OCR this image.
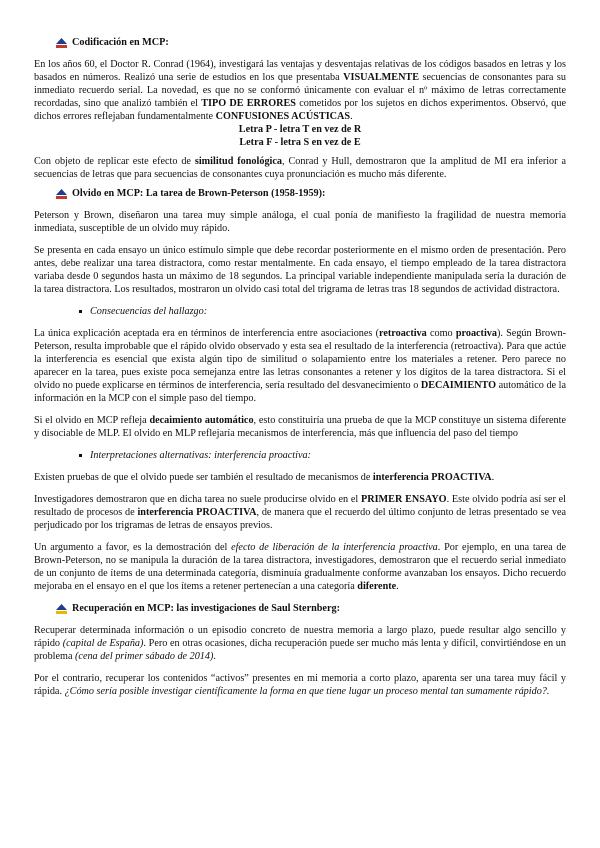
Codificación en MCP:

En los años 60, el Doctor R. Conrad (1964), investigará las ventajas y desventajas relativas de los códigos basados en letras y los basados en números. Realizó una serie de estudios en los que presentaba VISUALMENTE secuencias de consonantes para su inmediato recuerdo serial. La novedad, es que no se conformó únicamente con evaluar el nº máximo de letras correctamente recordadas, sino que analizó también el TIPO DE ERRORES cometidos por los sujetos en dichos experimentos. Observó, que dichos errores reflejaban fundamentalmente CONFUSIONES ACÚSTICAS.

Letra P - letra T en vez de R

Letra F - letra S en vez de E

Con objeto de replicar este efecto de similitud fonológica, Conrad y Hull, demostraron que la amplitud de MI era inferior a secuencias de letras que para secuencias de consonantes cuya pronunciación es mucho más diferente.

Olvido en MCP: La tarea de Brown-Peterson (1958-1959):

Peterson y Brown, diseñaron una tarea muy simple análoga, el cual ponía de manifiesto la fragilidad de nuestra memoria inmediata, susceptible de un olvido muy rápido.

Se presenta en cada ensayo un único estímulo simple que debe recordar posteriormente en el mismo orden de presentación. Pero antes, debe realizar una tarea distractora, como restar mentalmente. En cada ensayo, el tiempo empleado de la tarea distractora variaba desde 0 segundos hasta un máximo de 18 segundos. La principal variable independiente manipulada sería la duración de la tarea distractora. Los resultados, mostraron un olvido casi total del trigrama de letras tras 18 segundos de actividad distractora.

Consecuencias del hallazgo:

La única explicación aceptada era en términos de interferencia entre asociaciones (retroactiva como proactiva). Según Brown-Peterson, resulta improbable que el rápido olvido observado y esta sea el resultado de la interferencia (retroactiva). Para que actúe la interferencia es esencial que exista algún tipo de similitud o solapamiento entre los materiales a retener. Pero parece no aparecer en la tarea, pues existe poca semejanza entre las letras consonantes a retener y los dígitos de la tarea distractora. Si el olvido no puede explicarse en términos de interferencia, sería resultado del desvanecimiento o DECAIMIENTO automático de la información en la MCP con el simple paso del tiempo.

Si el olvido en MCP refleja decaimiento automático, esto constituiría una prueba de que la MCP constituye un sistema diferente y disociable de MLP. El olvido en MLP reflejaría mecanismos de interferencia, más que influencia del paso del tiempo

Interpretaciones alternativas: interferencia proactiva:

Existen pruebas de que el olvido puede ser también el resultado de mecanismos de interferencia PROACTIVA.

Investigadores demostraron que en dicha tarea no suele producirse olvido en el PRIMER ENSAYO. Este olvido podría así ser el resultado de procesos de interferencia PROACTIVA, de manera que el recuerdo del último conjunto de letras presentado se vea perjudicado por los trigramas de letras de ensayos previos.

Un argumento a favor, es la demostración del efecto de liberación de la interferencia proactiva. Por ejemplo, en una tarea de Brown-Peterson, no se manipula la duración de la tarea distractora, investigadores, demostraron que el recuerdo serial inmediato de un conjunto de ítems de una determinada categoría, disminuía gradualmente conforme avanzaban los ensayos. Dicho recuerdo mejoraba en el ensayo en el que los ítems a retener pertenecían a una categoría diferente.

Recuperación en MCP: las investigaciones de Saul Sternberg:

Recuperar determinada información o un episodio concreto de nuestra memoria a largo plazo, puede resultar algo sencillo y rápido (capital de España). Pero en otras ocasiones, dicha recuperación puede ser mucho más lenta y difícil, convirtiéndose en un problema (cena del primer sábado de 2014).

Por el contrario, recuperar los contenidos “activos” presentes en mi memoria a corto plazo, aparenta ser una tarea muy fácil y rápida. ¿Cómo sería posible investigar científicamente la forma en que tiene lugar un proceso mental tan sumamente rápido?.
